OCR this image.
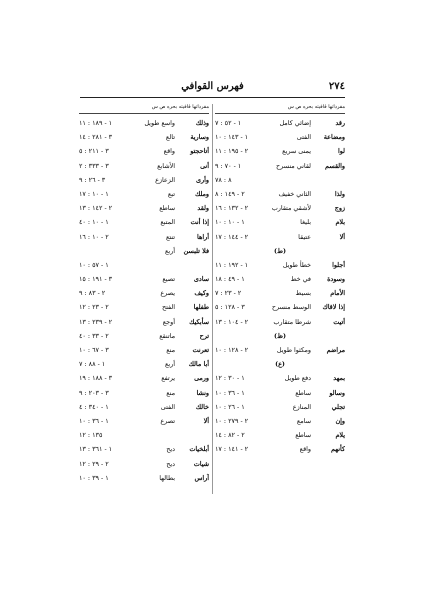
٢٧٤
فهرس القوافي
مفرداتها قافيته بحره ص س
رقد
إضائي كامل
١ - ٥٢ : ٧
ومضاعة
الفتى
١ - ١٤٣ : ١٠
لوا
يمنى سريع
٢ - ١٩٥ : ١١
والقسم
لقاني منسرح
١ - ٧٠ : ٩
٨ : ٧٨
ولذا
الثاني خفيف
٢ - ١٤٩ : ٨
زوج
لأشقي متقارب
٢ - ١٣٢ : ١٦
بلام
بليغا
١ - ١٠ : ١٠
ألا
عتيقا
٢ - ١٤٤ : ١٧
(ط)
أجلوا
خطأ طويل
١ - ١٩٢ : ١١
وسودة
في خط
١ - ٤٩ : ١٨
الأمام
بسيط
٢ - ٢٣ : ٧
إذا لاقاك
الوسط منسرح
٣ - ١٢٨ : ٥
أتيت
شرطا متقارب
٢ - ١٠٤ : ١٣
(ظ)
مراضم
ومكثوا طويل
٢ - ١٢٨ : ١٠
(ع)
بمهد
دفع طويل
١ - ٣٠ : ١٢
وسالو
ساطع
١ - ٣٦ : ١٠
تجلي
المنازع
١ - ٢٦ : ١٠
وإن
سامع
٢ - ٢٧٩ : ١٠
يلام
ساطع
٢ - ٨٢ : ١٤
كأنهم
واقع
٢ - ١٤١ : ١٧
مفرداتها قافيته بحره ص س
وذلك
واسع طويل
١ - ١٨٩ : ١١
وسارية
تالع
٣ - ٢٨١ : ١٤
أتاحجتو
واقع
٣ - ٢١١ : ٥
أنى
الأشابع
٣ - ٣٣٣ : ٢
وأرى
الزعازع
٣ - ٢٦ : ٩
وملك
تبع
١ - ١٠ : ١٧
ولقد
ساطع
٢ - ١٤٢ : ١٣
إذا أنت
المتبع
١ - ١٠ : ٤٠
أراها
تنتع
٢ - ١٠ : ١٦
فلا تلبسن
أربع
١ - ٥٧ : ١٠
سادى
تصيع
٣ - ١٩١ : ١٥
وكيف
يصرع
٢ - ٨٣ : ٩
طفلها
الفتح
٢ - ٢٣ : ١٢
سأبكيك
أوجع
٢ - ٢٣٩ : ١٣
ترح
ماتنقع
٢ - ٣٣ : ٤٠
تعرنت
منع
٣ - ٦٧ : ١٠
أبا مالك
أربع
١ - ٨٨ : ٧
ورمى
يرتفع
٣ - ١٨٨ : ١٩
ونشا
منع
٣ - ٢٠٣ : ٩
خالك
الفتى
١ - ٣٤٠ : ٤
ألا
تصرع
١ - ٣٦ : ١٠
١٣٥ : ١٢
أبلخيات
ديح
١ - ٣٦١ : ١٣
شيات
ديح
٢ - ٢٩ : ١٢
آراس
بطالها
١ - ٣٩ : ١٠
